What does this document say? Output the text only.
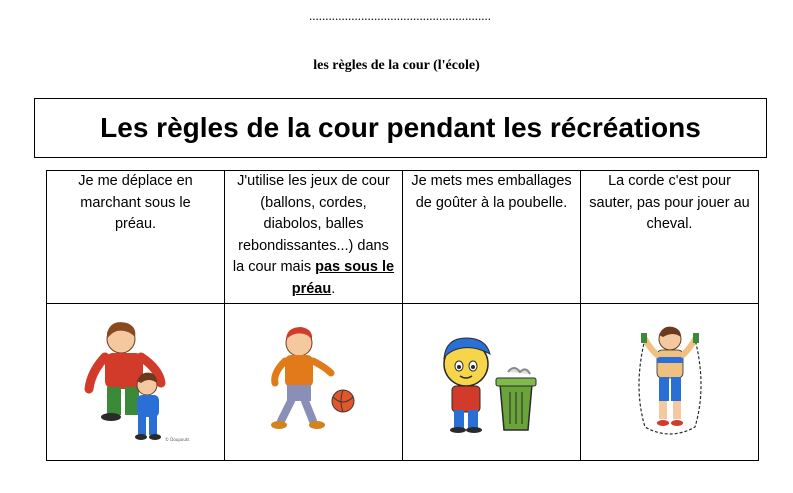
........................................................
les règles de la cour (l'école)
Les règles de la cour pendant les récréations
Je me déplace en marchant sous le préau.	J'utilise les jeux de cour (ballons, cordes, diabolos, balles rebondissantes...) dans la cour mais pas sous le préau.	Je mets mes emballages de goûter à la poubelle.	La corde c'est pour sauter, pas pour jouer au cheval.

© Doupouts
